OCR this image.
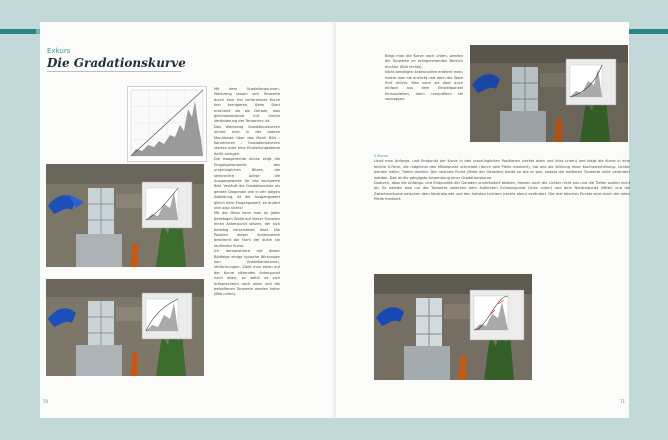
Grundlagen	Exkurs · Die Gradationskurve
Exkurs
Die Gradationskurve

Mit dem Gradationskurven-Werkzeug lassen sich Tonwerte durch eine frei verformbare Kurve fein korrigieren. Beim Start erscheint sie als Gerade, was gleichbedeutend mit »keine Veränderung der Tonwerte« ist.

Das Werkzeug Gradationskurven nimmt man in der oberen Menüleiste über das Menü Bild › Korrekturen › Gradationskurven starten oder eine Einstellungsebene dafür anlegen.

Die waagerechte Achse zeigt die Eingangstonwerte des ursprünglichen Bildes, die senkrechte Achse die Ausgangswerte für das korrigierte Bild. Verläuft die Gradationslinie als gerade Diagonale wie in der obigen Abbildung, ist der Ausgangswert gleich dem Eingangswert, es ändert sich also nichts!

Mit der Maus kann man an jeder beliebigen Stelle auf dieser Geraden einen Ankerpunkt setzen, der sich beliebig verschieben lässt. Die Position dieser Ankerpunkte bestimmt die Form der durch sie laufenden Kurve.

Ich demonstriere mit dieser Bildfolge einige typische Wirkungen von Gradationskurven-Verformungen. Zieht man einen auf der Kurve sitzenden Ankerpunkt nach oben, so wählt es sich entsprechend nach oben und die betroffenen Tonwerte werden heller (Bild unten).

Biegt man die Kurve nach unten, werden die Tonwerte im entsprechenden Bereich dunkler (Bild rechts).

Nicht benötigte Ankerpunkte entfernt man, indem man sie anklickt und dann die Taste Entf drückt. Man kann sie aber auch einfach aus dem Einstellpaneel hinausziehen, dann »verpuffen« sie sozusagen.

S-Kurve

Lässt man Anfangs- und Endpunkt der Kurve in den ursprünglichen Positionen (rechts oben und links unten) und biegt die Kurve in eine leichte S-Form, die möglichst den Mittelpunkt schneidet (durch rote Pfeile markiert), hat das die Wirkung einer Kontrasterhöhung. Lichter werden heller, Tiefen dunkler. Der neutrale Punkt (Mitte der Geraden) bleibt so wie er war, sodass die mittleren Tonwerte nicht verändert werden. Das ist die gängigste Anwendung einer Gradationskurve.

Dadurch, dass die Anfangs- und Endpunkte der Geraden unverändert bleiben, fressen auch die Lichter nicht aus und die Tiefen saufen nicht ab. Es werden also nur die Tonwerte zwischen dem äußersten Schwarzpunkt (links unten) und dem Neutralpunkt (Mitte) und die Zwischenräume zwischen dem Neutralpunkt und den hellsten Lichtern (rechts oben) verändert. Die drei falschen Punkte sind durch die roten Pfeile markiert.

70	71
